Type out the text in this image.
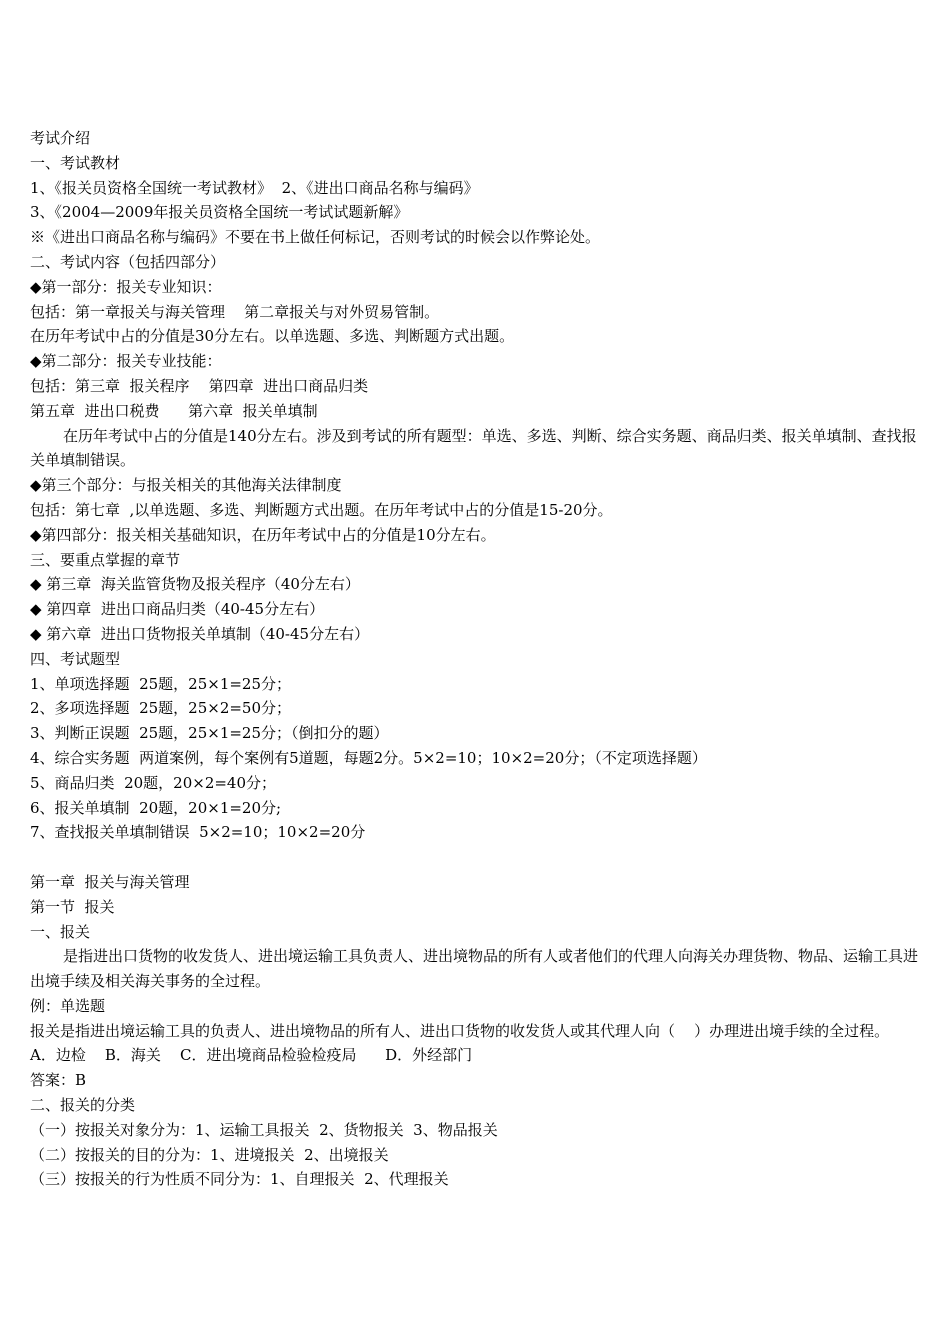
考试介绍
一、考试教材
1、《报关员资格全国统一考试教材》  2、《进出口商品名称与编码》
3、《2004—2009年报关员资格全国统一考试试题新解》
※《进出口商品名称与编码》不要在书上做任何标记，否则考试的时候会以作弊论处。
二、考试内容（包括四部分）
◆第一部分：报关专业知识：
包括：第一章报关与海关管理    第二章报关与对外贸易管制。
在历年考试中占的分值是30分左右。以单选题、多选、判断题方式出题。
◆第二部分：报关专业技能：
包括：第三章  报关程序    第四章  进出口商品归类
第五章  进出口税费      第六章  报关单填制
在历年考试中占的分值是140分左右。涉及到考试的所有题型：单选、多选、判断、综合实务题、商品归类、报关单填制、查找报关单填制错误。
◆第三个部分：与报关相关的其他海关法律制度
包括：第七章  ,以单选题、多选、判断题方式出题。在历年考试中占的分值是15-20分。
◆第四部分：报关相关基础知识，在历年考试中占的分值是10分左右。
三、要重点掌握的章节
◆ 第三章  海关监管货物及报关程序（40分左右）
◆ 第四章  进出口商品归类（40-45分左右）
◆ 第六章  进出口货物报关单填制（40-45分左右）
四、考试题型
1、单项选择题  25题，25×1=25分；
2、多项选择题  25题，25×2=50分；
3、判断正误题  25题，25×1=25分；（倒扣分的题）
4、综合实务题  两道案例，每个案例有5道题，每题2分。5×2=10；10×2=20分；（不定项选择题）
5、商品归类  20题，20×2=40分；
6、报关单填制  20题，20×1=20分;
7、查找报关单填制错误  5×2=10；10×2=20分
第一章  报关与海关管理
第一节  报关
一、报关
是指进出口货物的收发货人、进出境运输工具负责人、进出境物品的所有人或者他们的代理人向海关办理货物、物品、运输工具进出境手续及相关海关事务的全过程。
例：单选题
报关是指进出境运输工具的负责人、进出境物品的所有人、进出口货物的收发货人或其代理人向（    ）办理进出境手续的全过程。
A．边检    B．海关    C．进出境商品检验检疫局      D．外经部门
答案：B
二、报关的分类
（一）按报关对象分为：1、运输工具报关  2、货物报关  3、物品报关
（二）按报关的目的分为：1、进境报关  2、出境报关
（三）按报关的行为性质不同分为：1、自理报关  2、代理报关
